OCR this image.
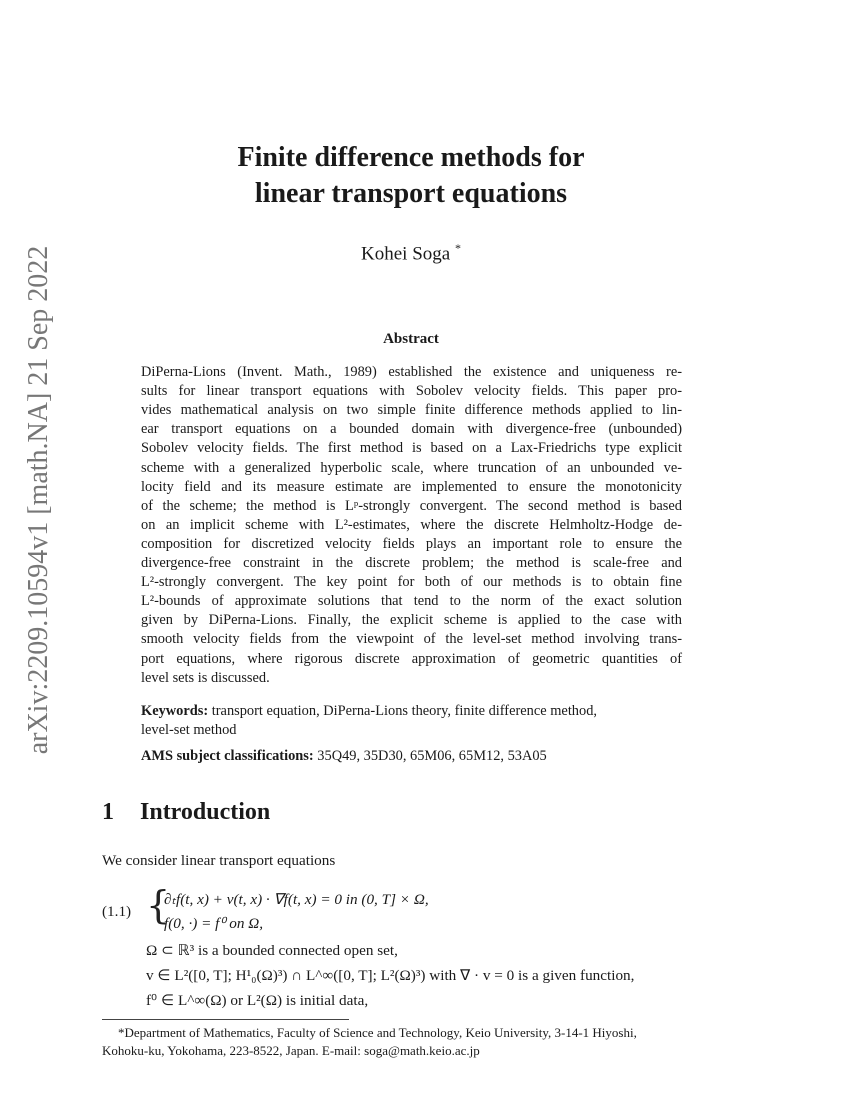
arXiv:2209.10594v1 [math.NA] 21 Sep 2022
Finite difference methods for
linear transport equations
Kohei Soga *
Abstract
DiPerna-Lions (Invent. Math., 1989) established the existence and uniqueness re-
sults for linear transport equations with Sobolev velocity fields. This paper pro-
vides mathematical analysis on two simple finite difference methods applied to lin-
ear transport equations on a bounded domain with divergence-free (unbounded)
Sobolev velocity fields. The first method is based on a Lax-Friedrichs type explicit
scheme with a generalized hyperbolic scale, where truncation of an unbounded ve-
locity field and its measure estimate are implemented to ensure the monotonicity
of the scheme; the method is Lᵖ-strongly convergent. The second method is based
on an implicit scheme with L²-estimates, where the discrete Helmholtz-Hodge de-
composition for discretized velocity fields plays an important role to ensure the
divergence-free constraint in the discrete problem; the method is scale-free and
L²-strongly convergent. The key point for both of our methods is to obtain fine
L²-bounds of approximate solutions that tend to the norm of the exact solution
given by DiPerna-Lions. Finally, the explicit scheme is applied to the case with
smooth velocity fields from the viewpoint of the level-set method involving trans-
port equations, where rigorous discrete approximation of geometric quantities of
level sets is discussed.
Keywords: transport equation, DiPerna-Lions theory, finite difference method,
level-set method
AMS subject classifications: 35Q49, 35D30, 65M06, 65M12, 53A05
1 Introduction
We consider linear transport equations
(1.1) {
∂ₜf(t, x) + v(t, x) · ∇f(t, x) = 0 in (0, T] × Ω,
f(0, ·) = f⁰ on Ω,
Ω ⊂ ℝ³ is a bounded connected open set,
v ∈ L²([0, T]; H¹₀(Ω)³) ∩ L^∞([0, T]; L²(Ω)³) with ∇ · v = 0 is a given function,
f⁰ ∈ L^∞(Ω) or L²(Ω) is initial data,
*Department of Mathematics, Faculty of Science and Technology, Keio University, 3-14-1 Hiyoshi,
Kohoku-ku, Yokohama, 223-8522, Japan. E-mail: soga@math.keio.ac.jp
